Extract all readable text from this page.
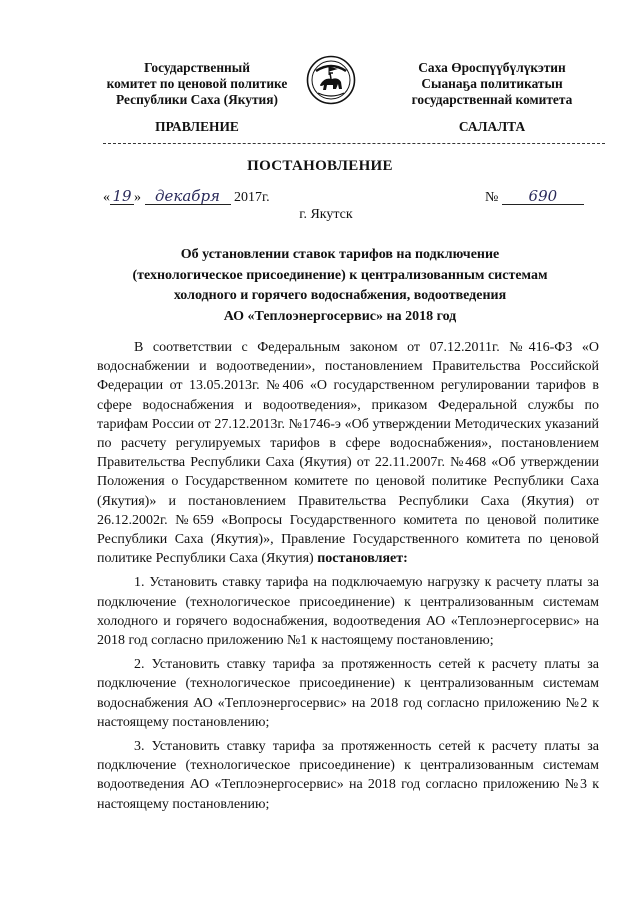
Государственный
комитет по ценовой политике
Республики Саха (Якутия)
Саха Өроспүүбүлүкэтин
Сыанаҕа политикатын
государственнай комитета
ПРАВЛЕНИЕ	САЛАЛТА
ПОСТАНОВЛЕНИЕ
« 19 » декабря 2017г.	№ 690
г. Якутск
Об установлении ставок тарифов на подключение
(технологическое присоединение) к централизованным системам
холодного и горячего водоснабжения, водоотведения
АО «Теплоэнергосервис» на 2018 год

В соответствии с Федеральным законом от 07.12.2011г. №416-ФЗ «О водоснабжении и водоотведении», постановлением Правительства Российской Федерации от 13.05.2013г. №406 «О государственном регулировании тарифов в сфере водоснабжения и водоотведения», приказом Федеральной службы по тарифам России от 27.12.2013г. №1746-э «Об утверждении Методических указаний по расчету регулируемых тарифов в сфере водоснабжения», постановлением Правительства Республики Саха (Якутия) от 22.11.2007г. №468 «Об утверждении Положения о Государственном комитете по ценовой политике Республики Саха (Якутия)» и постановлением Правительства Республики Саха (Якутия) от 26.12.2002г. №659 «Вопросы Государственного комитета по ценовой политике Республики Саха (Якутия)», Правление Государственного комитета по ценовой политике Республики Саха (Якутия) постановляет:

1. Установить ставку тарифа на подключаемую нагрузку к расчету платы за подключение (технологическое присоединение) к централизованным системам холодного и горячего водоснабжения, водоотведения АО «Теплоэнергосервис» на 2018 год согласно приложению №1 к настоящему постановлению;

2. Установить ставку тарифа за протяженность сетей к расчету платы за подключение (технологическое присоединение) к централизованным системам водоснабжения АО «Теплоэнергосервис» на 2018 год согласно приложению №2 к настоящему постановлению;

3. Установить ставку тарифа за протяженность сетей к расчету платы за подключение (технологическое присоединение) к централизованным системам водоотведения АО «Теплоэнергосервис» на 2018 год согласно приложению №3 к настоящему постановлению;
